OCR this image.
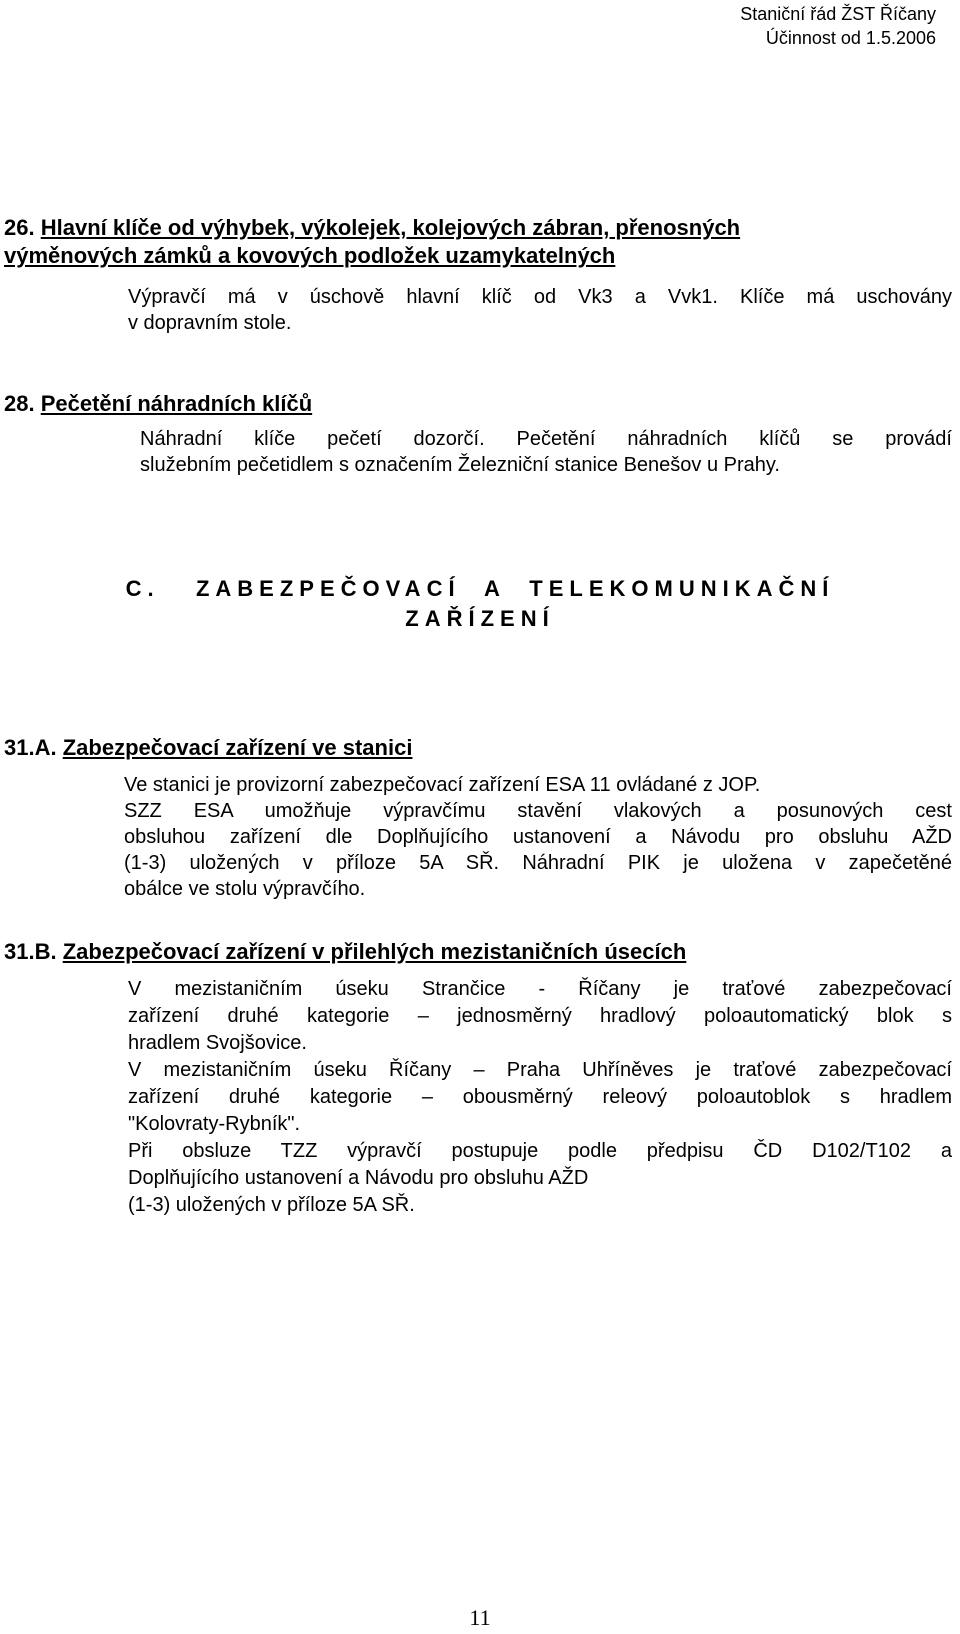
Staniční řád ŽST Říčany
Účinnost od 1.5.2006
26. Hlavní klíče od výhybek, výkolejek, kolejových zábran, přenosných
výměnových zámků a kovových podložek uzamykatelných
Výpravčí má v úschově hlavní klíč od Vk3 a Vvk1. Klíče má uschovány
v dopravním stole.
28. Pečetění náhradních klíčů
Náhradní klíče pečetí dozorčí. Pečetění náhradních klíčů se provádí
služebním pečetidlem s označením Železniční stanice Benešov u Prahy.
C.   ZABEZPEČOVACÍ  A  TELEKOMUNIKAČNÍ
ZAŘÍZENÍ
31.A. Zabezpečovací zařízení ve stanici
Ve stanici je provizorní zabezpečovací zařízení ESA 11 ovládané z JOP.
SZZ ESA umožňuje výpravčímu stavění vlakových a posunových cest
obsluhou zařízení dle Doplňujícího ustanovení a Návodu pro obsluhu AŽD
(1-3) uložených v příloze 5A SŘ. Náhradní PIK je uložena v zapečetěné
obálce ve stolu výpravčího.
31.B. Zabezpečovací zařízení v přilehlých mezistaničních úsecích
V mezistaničním úseku Strančice - Říčany je traťové zabezpečovací
zařízení druhé kategorie – jednosměrný hradlový poloautomatický blok s
hradlem Svojšovice.
V mezistaničním úseku Říčany – Praha Uhříněves je traťové zabezpečovací
zařízení druhé kategorie – obousměrný releový poloautoblok s hradlem
"Kolovraty-Rybník".
Při obsluze TZZ výpravčí postupuje podle předpisu ČD D102/T102 a
Doplňujícího ustanovení a Návodu pro obsluhu AŽD
(1-3) uložených v příloze 5A SŘ.
11
